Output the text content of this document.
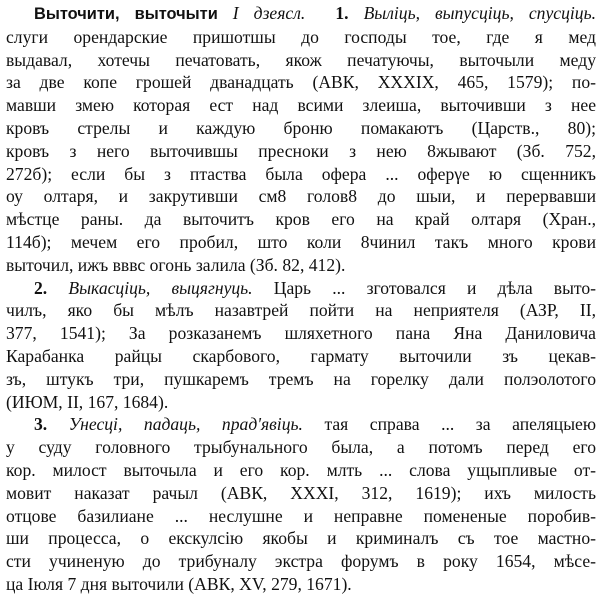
Выточити, выточыти I дзеясл. 1. Выліць, выпусціць, спусціць.
слуги орендарские пришотшы до господы тое, где я мед
выдавал, хотечы печатовать, якож печатуючы, выточыли меду
за две копе грошей дванадцать (АВК, XXXIX, 465, 1579); по-
мавши змею которая ест над всими злеишa, выточивши з нее
кровъ стрелы и каждую броню помакаютъ (Царств., 80);
кровъ з него выточившы пресноки з нею 8жывают (Зб. 752,
272б); если бы з птаства была офера ... оферγе ю сщенникъ
оу олтаря, и закрутивши см8 голов8 до шыи, и перервавши
мѣстце раны. да выточитъ кров его на край олтаря (Хран.,
114б); мечем его пробил, што коли 8чинил такъ много крови
выточил, ижъ вввс огонь залила (Зб. 82, 412).
2. Выкасціць, выцягнуць. Царь ... зготовался и дѣла выто-
чилъ, яко бы мѣлъ назавтрей пойти на неприятеля (АЗР, II,
377, 1541); За розказанемъ шляхетного пана Яна Даниловича
Карабанка райцы скарбового, гармату выточили зъ цекав-
зъ, штукъ три, пушкаремъ тремъ на горелку дали полэолотого
(ИЮМ, II, 167, 1684).
3. Унесці, падаць, прад'явіць. тая справа ... за апеляцыею
у суду головного трыбунального была, а потомъ перед его
кор. милост выточыла и его кор. млть ... слова ущыпливые от-
мовит наказат рачыл (АВК, XXXI, 312, 1619); ихъ милость
отцове базилиане ... неслушне и неправне помененые поробив-
ши процесса, о екскулсію якобы и криминалъ съ тое мастно-
сти учиненую до трибуналу экстра форумъ в року 1654, мѣсе-
ца Іюля 7 дня выточили (АВК, XV, 279, 1671).
